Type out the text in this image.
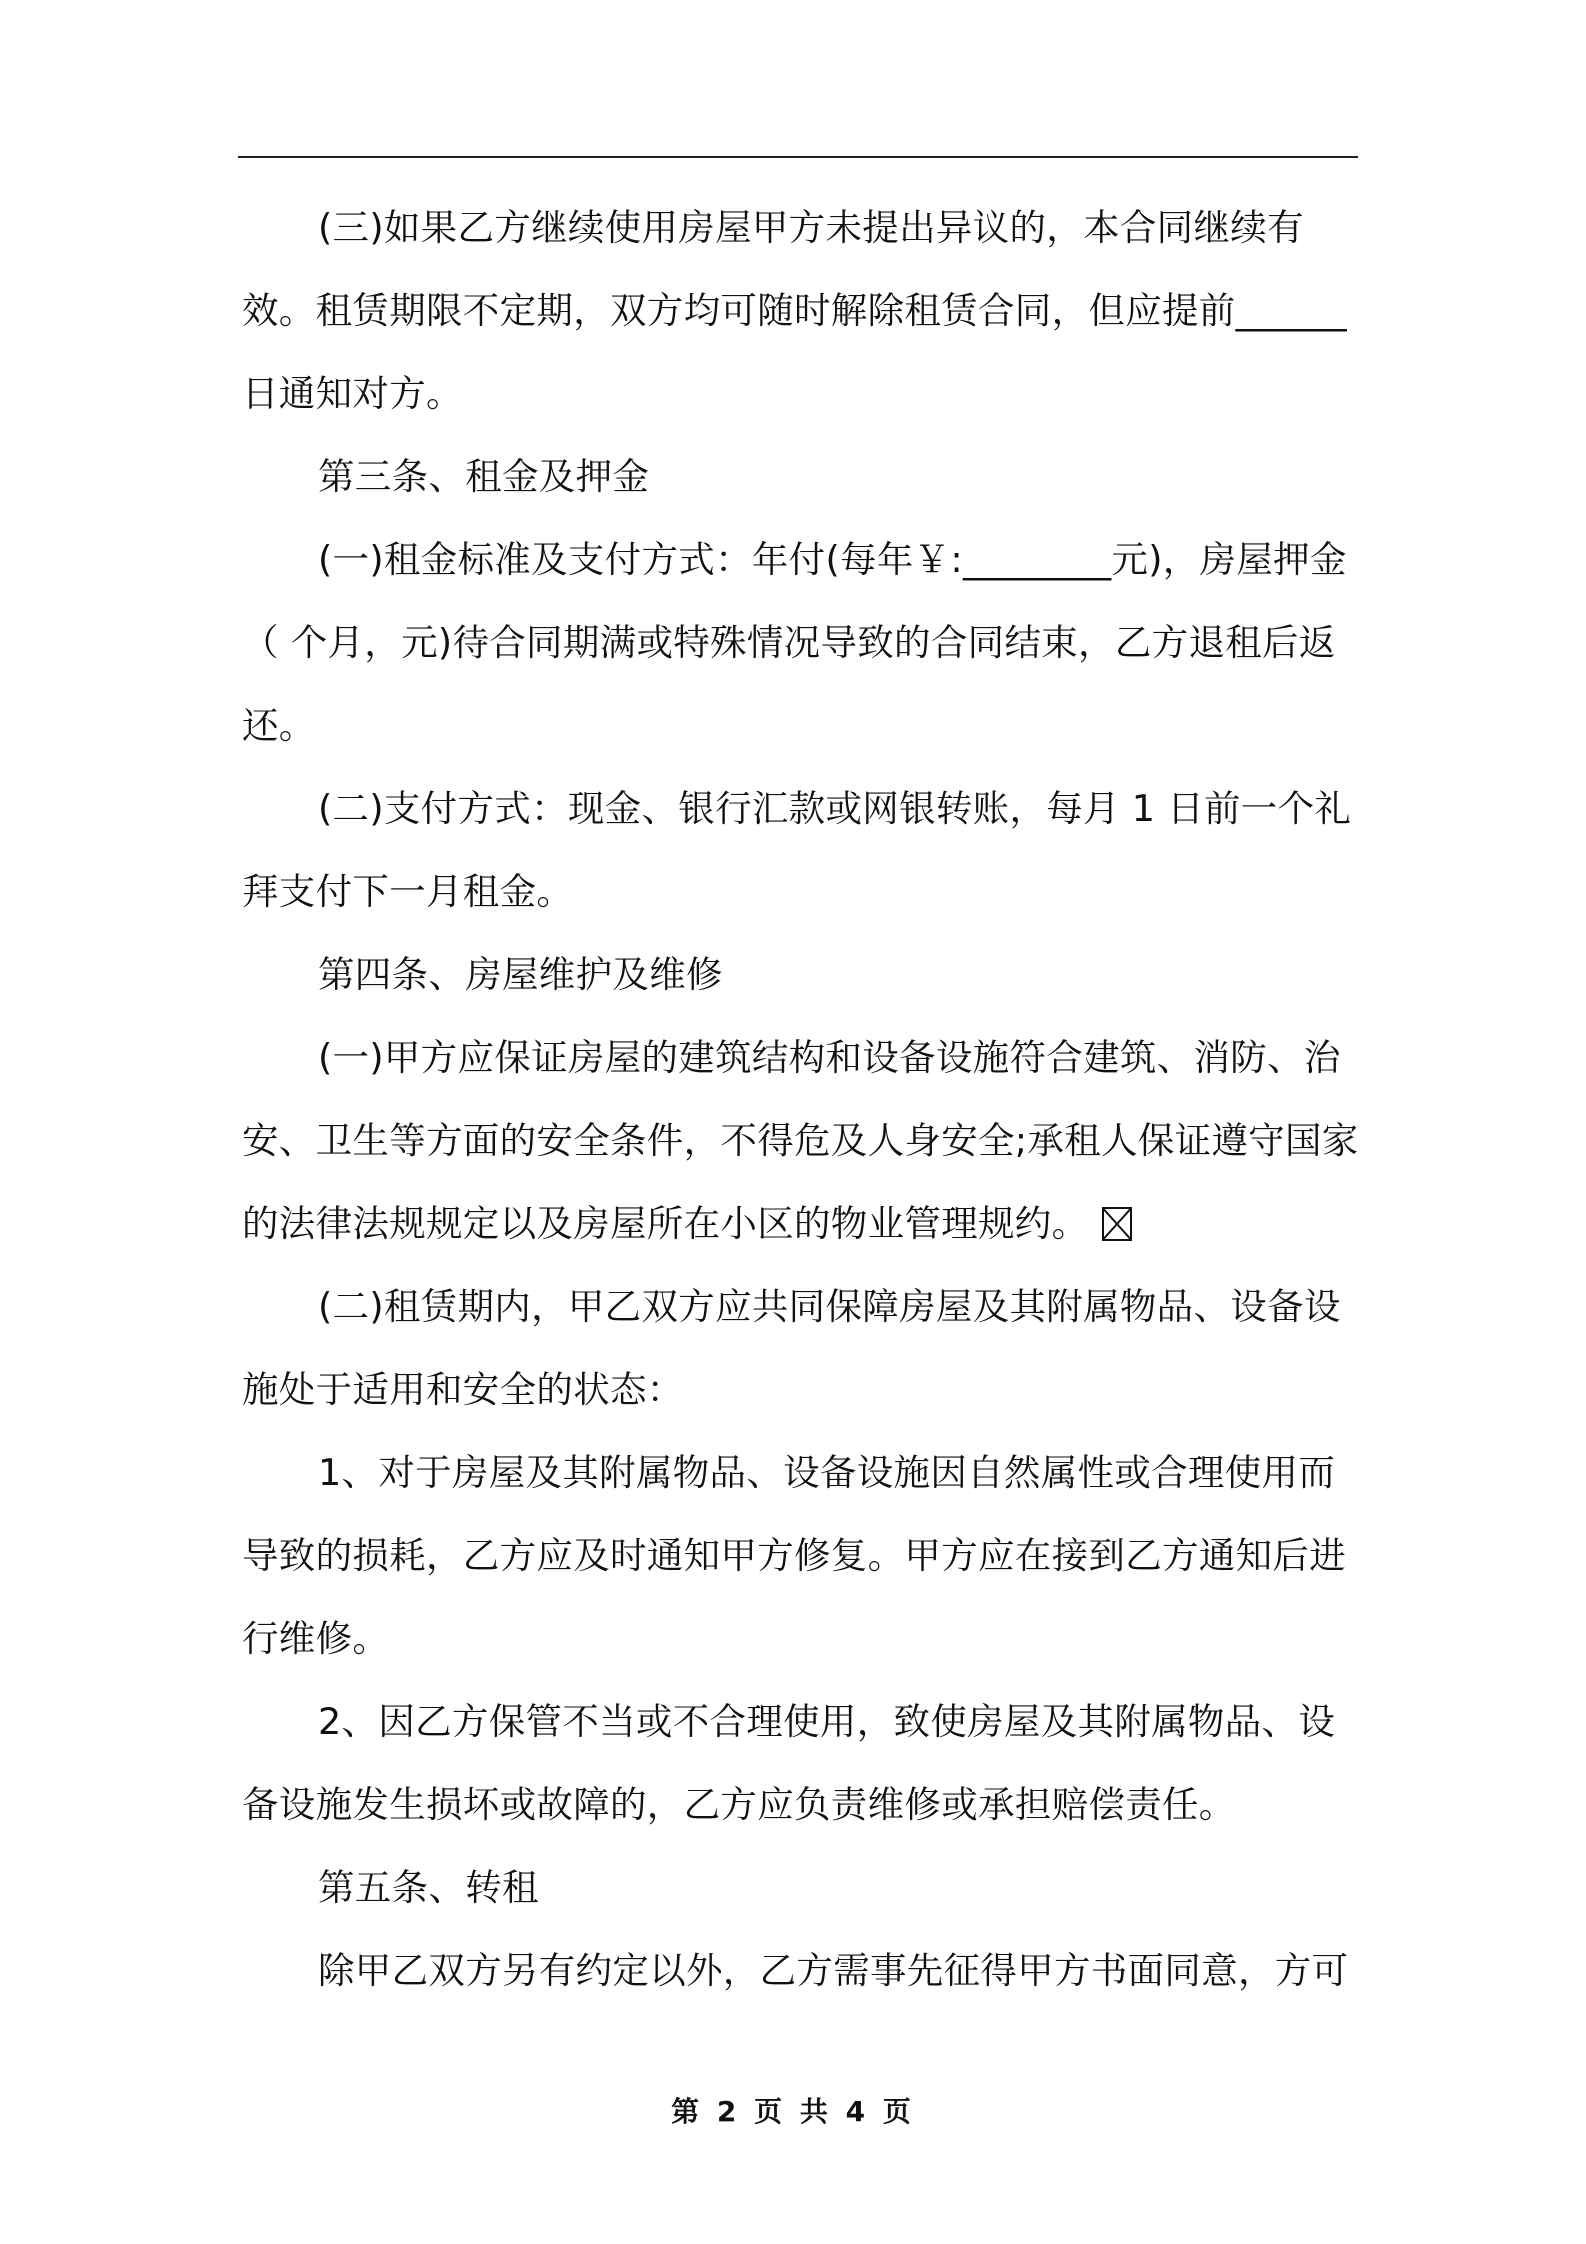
(三)如果乙方继续使用房屋甲方未提出异议的，本合同继续有效。租赁期限不定期，双方均可随时解除租赁合同，但应提前______日通知对方。

第三条、租金及押金

(一)租金标准及支付方式：年付(每年￥:________元)，房屋押金（ 个月，元)待合同期满或特殊情况导致的合同结束，乙方退租后返还。

(二)支付方式：现金、银行汇款或网银转账，每月 1 日前一个礼拜支付下一月租金。

第四条、房屋维护及维修

(一)甲方应保证房屋的建筑结构和设备设施符合建筑、消防、治安、卫生等方面的安全条件，不得危及人身安全;承租人保证遵守国家的法律法规规定以及房屋所在小区的物业管理规约。

(二)租赁期内，甲乙双方应共同保障房屋及其附属物品、设备设施处于适用和安全的状态：

1、对于房屋及其附属物品、设备设施因自然属性或合理使用而导致的损耗，乙方应及时通知甲方修复。甲方应在接到乙方通知后进行维修。

2、因乙方保管不当或不合理使用，致使房屋及其附属物品、设备设施发生损坏或故障的，乙方应负责维修或承担赔偿责任。

第五条、转租

除甲乙双方另有约定以外，乙方需事先征得甲方书面同意，方可

第 2 页 共 4 页
